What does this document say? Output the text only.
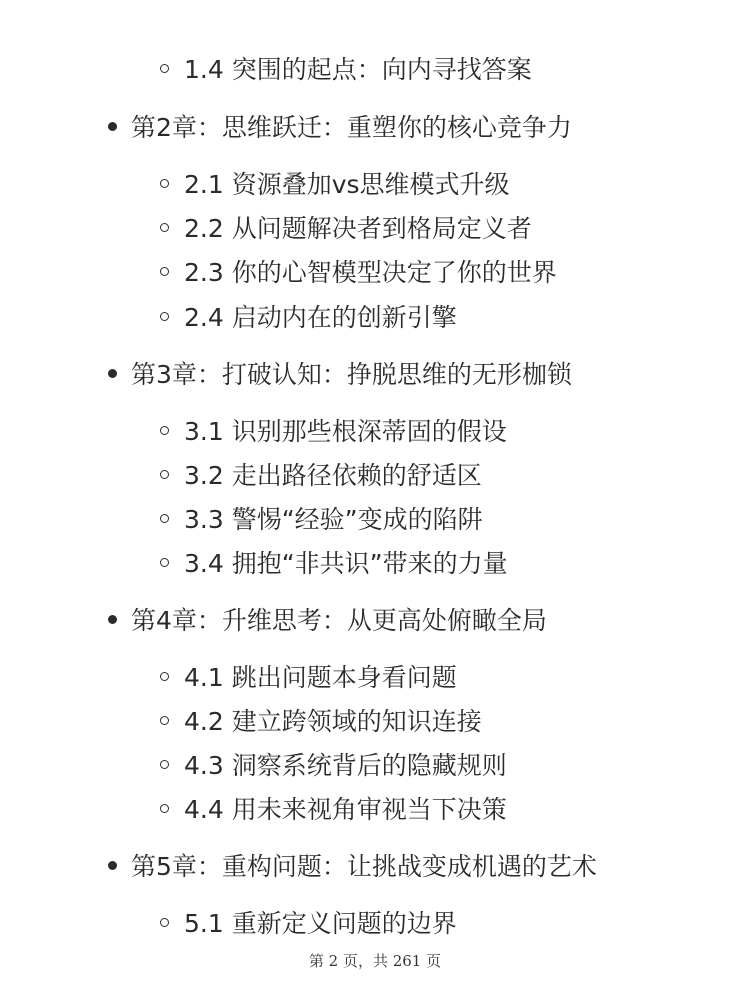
1.4 突围的起点：向内寻找答案
第2章：思维跃迁：重塑你的核心竞争力
2.1 资源叠加vs思维模式升级
2.2 从问题解决者到格局定义者
2.3 你的心智模型决定了你的世界
2.4 启动内在的创新引擎
第3章：打破认知：挣脱思维的无形枷锁
3.1 识别那些根深蒂固的假设
3.2 走出路径依赖的舒适区
3.3 警惕“经验”变成的陷阱
3.4 拥抱“非共识”带来的力量
第4章：升维思考：从更高处俯瞰全局
4.1 跳出问题本身看问题
4.2 建立跨领域的知识连接
4.3 洞察系统背后的隐藏规则
4.4 用未来视角审视当下决策
第5章：重构问题：让挑战变成机遇的艺术
5.1 重新定义问题的边界
第 2 页，共 261 页
